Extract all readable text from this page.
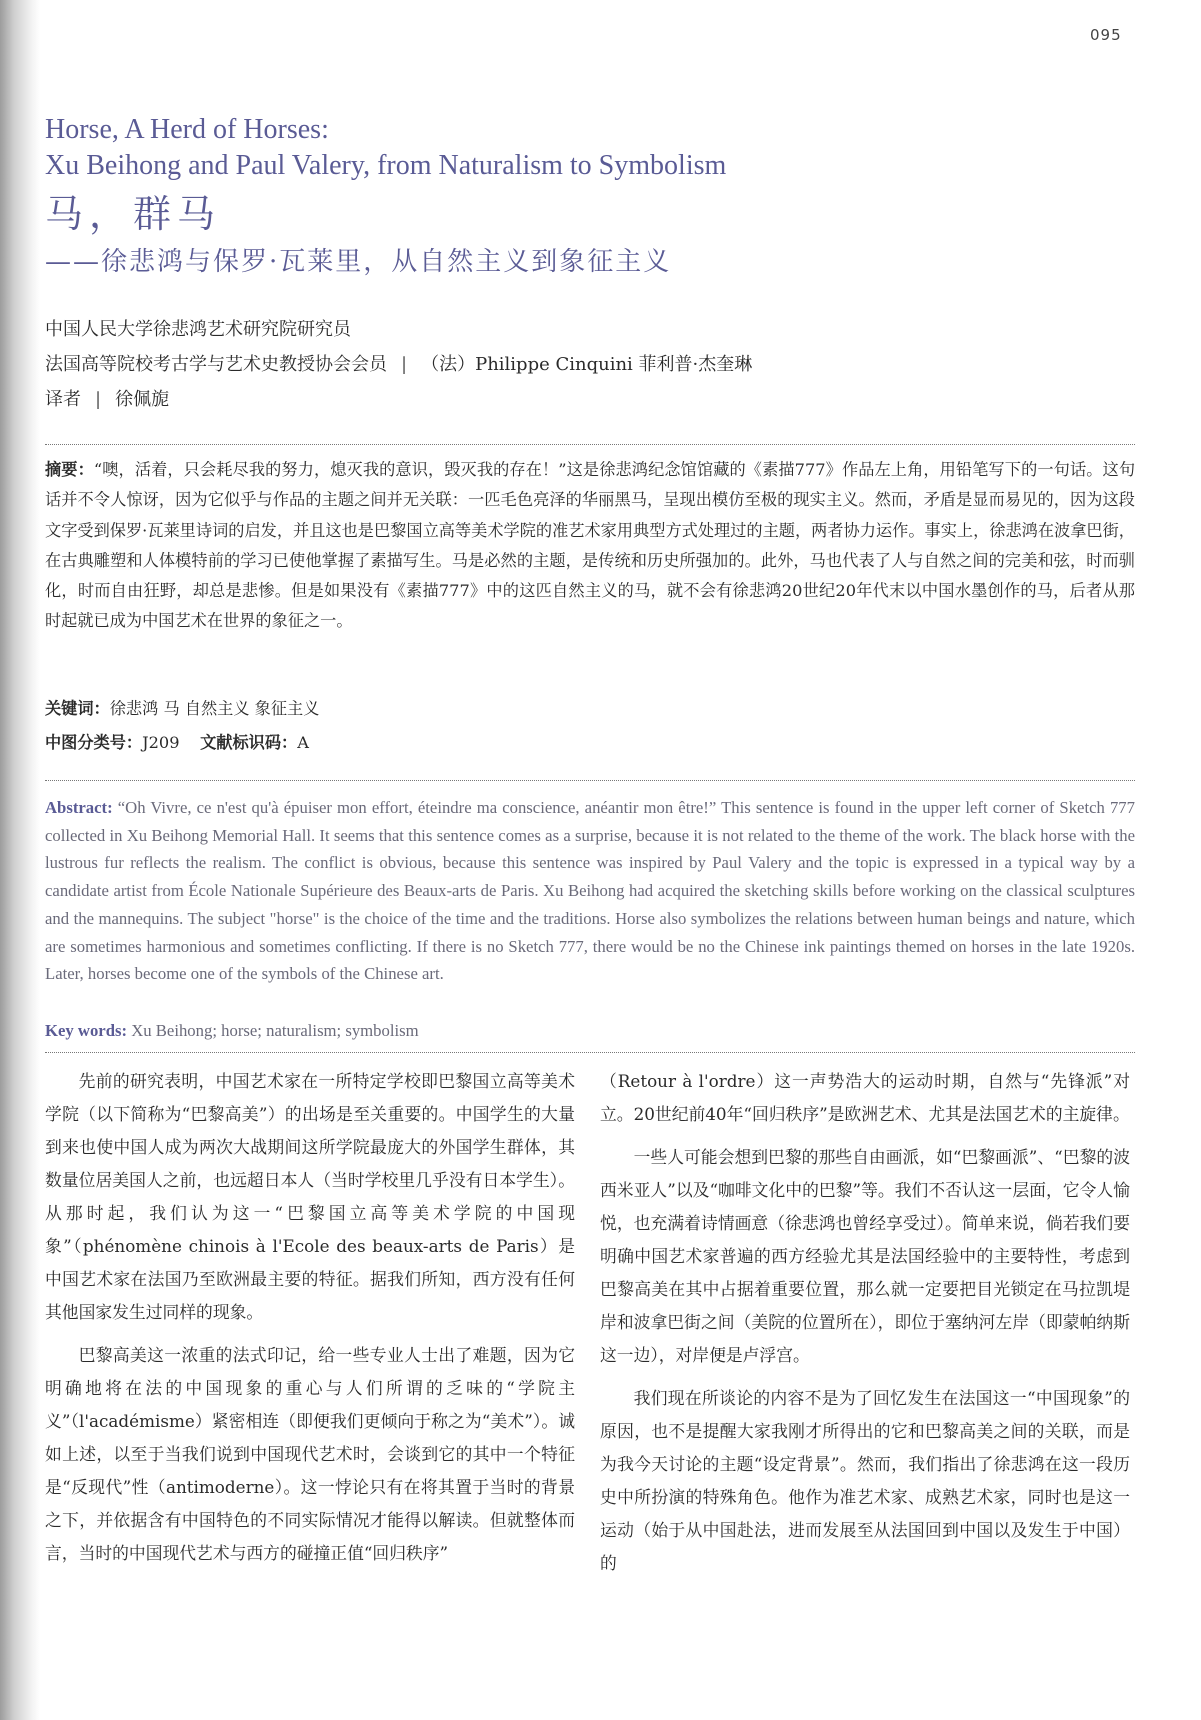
095
Horse, A Herd of Horses:
Xu Beihong and Paul Valery, from Naturalism to Symbolism
马，群马
——徐悲鸿与保罗·瓦莱里，从自然主义到象征主义
中国人民大学徐悲鸿艺术研究院研究员
法国高等院校考古学与艺术史教授协会会员 | （法）Philippe Cinquini 菲利普·杰奎琳
译者 | 徐佩旎
摘要：“噢，活着，只会耗尽我的努力，熄灭我的意识，毁灭我的存在！”这是徐悲鸿纪念馆馆藏的《素描777》作品左上角，用铅笔写下的一句话。这句话并不令人惊讶，因为它似乎与作品的主题之间并无关联：一匹毛色亮泽的华丽黑马，呈现出模仿至极的现实主义。然而，矛盾是显而易见的，因为这段文字受到保罗·瓦莱里诗词的启发，并且这也是巴黎国立高等美术学院的准艺术家用典型方式处理过的主题，两者协力运作。事实上，徐悲鸿在波拿巴街，在古典雕塑和人体模特前的学习已使他掌握了素描写生。马是必然的主题，是传统和历史所强加的。此外，马也代表了人与自然之间的完美和弦，时而驯化，时而自由狂野，却总是悲惨。但是如果没有《素描777》中的这匹自然主义的马，就不会有徐悲鸿20世纪20年代末以中国水墨创作的马，后者从那时起就已成为中国艺术在世界的象征之一。
关键词：徐悲鸿 马 自然主义 象征主义
中图分类号：J209 文献标识码：A
Abstract: “Oh Vivre, ce n'est qu'à épuiser mon effort, éteindre ma conscience, anéantir mon être!” This sentence is found in the upper left corner of Sketch 777 collected in Xu Beihong Memorial Hall. It seems that this sentence comes as a surprise, because it is not related to the theme of the work. The black horse with the lustrous fur reflects the realism. The conflict is obvious, because this sentence was inspired by Paul Valery and the topic is expressed in a typical way by a candidate artist from École Nationale Supérieure des Beaux-arts de Paris. Xu Beihong had acquired the sketching skills before working on the classical sculptures and the mannequins. The subject "horse" is the choice of the time and the traditions. Horse also symbolizes the relations between human beings and nature, which are sometimes harmonious and sometimes conflicting. If there is no Sketch 777, there would be no the Chinese ink paintings themed on horses in the late 1920s. Later, horses become one of the symbols of the Chinese art.
Key words: Xu Beihong; horse; naturalism; symbolism

先前的研究表明，中国艺术家在一所特定学校即巴黎国立高等美术学院（以下简称为“巴黎高美”）的出场是至关重要的。中国学生的大量到来也使中国人成为两次大战期间这所学院最庞大的外国学生群体，其数量位居美国人之前，也远超日本人（当时学校里几乎没有日本学生）。从那时起，我们认为这一“巴黎国立高等美术学院的中国现象”（phénomène chinois à l'Ecole des beaux-arts de Paris）是中国艺术家在法国乃至欧洲最主要的特征。据我们所知，西方没有任何其他国家发生过同样的现象。

巴黎高美这一浓重的法式印记，给一些专业人士出了难题，因为它明确地将在法的中国现象的重心与人们所谓的乏味的“学院主义”（l'académisme）紧密相连（即便我们更倾向于称之为“美术”）。诚如上述，以至于当我们说到中国现代艺术时，会谈到它的其中一个特征是“反现代”性（antimoderne）。这一悖论只有在将其置于当时的背景之下，并依据含有中国特色的不同实际情况才能得以解读。但就整体而言，当时的中国现代艺术与西方的碰撞正值“回归秩序”

（Retour à l'ordre）这一声势浩大的运动时期，自然与“先锋派”对立。20世纪前40年“回归秩序”是欧洲艺术、尤其是法国艺术的主旋律。

一些人可能会想到巴黎的那些自由画派，如“巴黎画派”、“巴黎的波西米亚人”以及“咖啡文化中的巴黎”等。我们不否认这一层面，它令人愉悦，也充满着诗情画意（徐悲鸿也曾经享受过）。简单来说，倘若我们要明确中国艺术家普遍的西方经验尤其是法国经验中的主要特性，考虑到巴黎高美在其中占据着重要位置，那么就一定要把目光锁定在马拉凯堤岸和波拿巴街之间（美院的位置所在），即位于塞纳河左岸（即蒙帕纳斯这一边），对岸便是卢浮宫。

我们现在所谈论的内容不是为了回忆发生在法国这一“中国现象”的原因，也不是提醒大家我刚才所得出的它和巴黎高美之间的关联，而是为我今天讨论的主题“设定背景”。然而，我们指出了徐悲鸿在这一段历史中所扮演的特殊角色。他作为准艺术家、成熟艺术家，同时也是这一运动（始于从中国赴法，进而发展至从法国回到中国以及发生于中国）的
